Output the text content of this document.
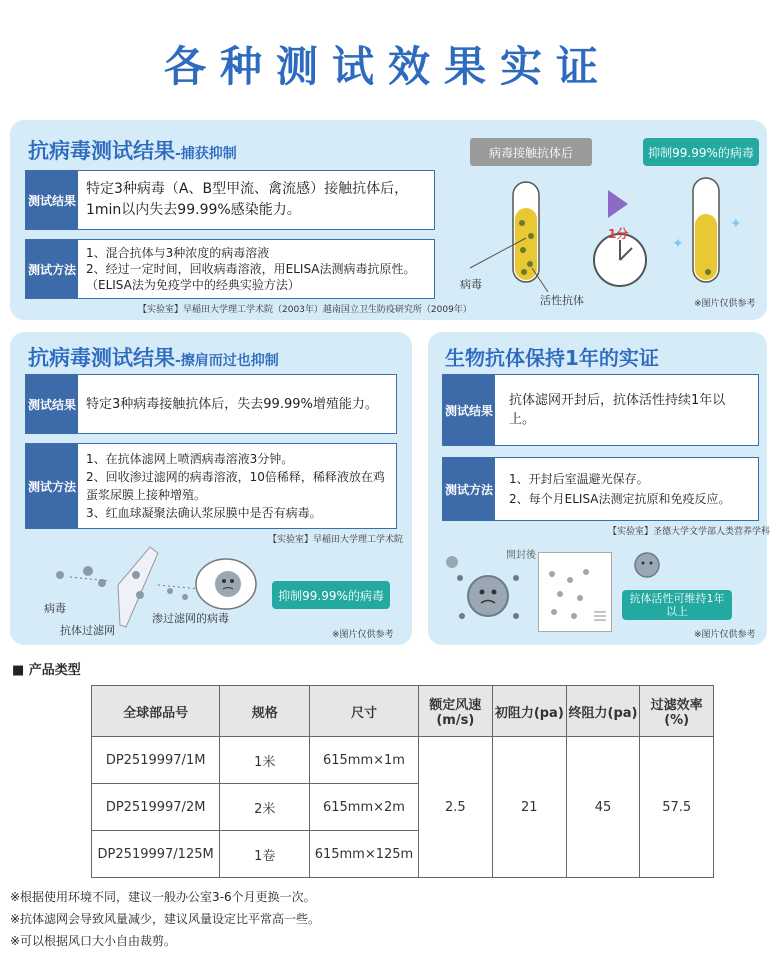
各种测试效果实证
抗病毒测试结果-捕获抑制
测试结果
特定3种病毒（A、B型甲流、禽流感）接触抗体后，1min以内失去99.99%感染能力。
测试方法
1、混合抗体与3种浓度的病毒溶液
2、经过一定时间，回收病毒溶液，用ELISA法测病毒抗原性。
（ELISA法为免疫学中的经典实验方法）
【实验室】早稲田大学理工学术院（2003年）越南国立卫生防疫研究所（2009年）
病毒接触抗体后	抑制99.99%的病毒
✦
✦
1分
病毒
活性抗体	※图片仅供参考
抗病毒测试结果-擦肩而过也抑制
测试结果 特定3种病毒接触抗体后，失去99.99%增殖能力。
测试方法
1、在抗体滤网上喷洒病毒溶液3分钟。
2、回收渗过滤网的病毒溶液，10倍稀释，稀释液放在鸡蛋浆尿膜上接种增殖。
3、红血球凝聚法确认浆尿膜中是否有病毒。
【实验室】早稲田大学理工学术院
抑制99.99%的病毒
病毒
抗体过滤网
渗过滤网的病毒
※图片仅供参考
生物抗体保持1年的实证
测试结果
抗体滤网开封后，抗体活性持续1年以上。
测试方法
1、开封后室温避光保存。
2、每个月ELISA法测定抗原和免疫反应。
【实验室】圣德大学文学部人类营养学科
開封後
抗体活性可维持1年以上
※图片仅供参考
■ 产品类型
全球部品号	规格	尺寸	额定风速(m/s)	初阻力(pa)	终阻力(pa)	过滤效率(%)
DP2519997/1M	1米	615mm×1m	2.5	21	45	57.5
DP2519997/2M	2米	615mm×2m				
DP2519997/125M	1卷	615mm×125m				
※根据使用环境不同，建议一般办公室3-6个月更换一次。
※抗体滤网会导致风量减少，建议风量设定比平常高一些。
※可以根据风口大小自由裁剪。
